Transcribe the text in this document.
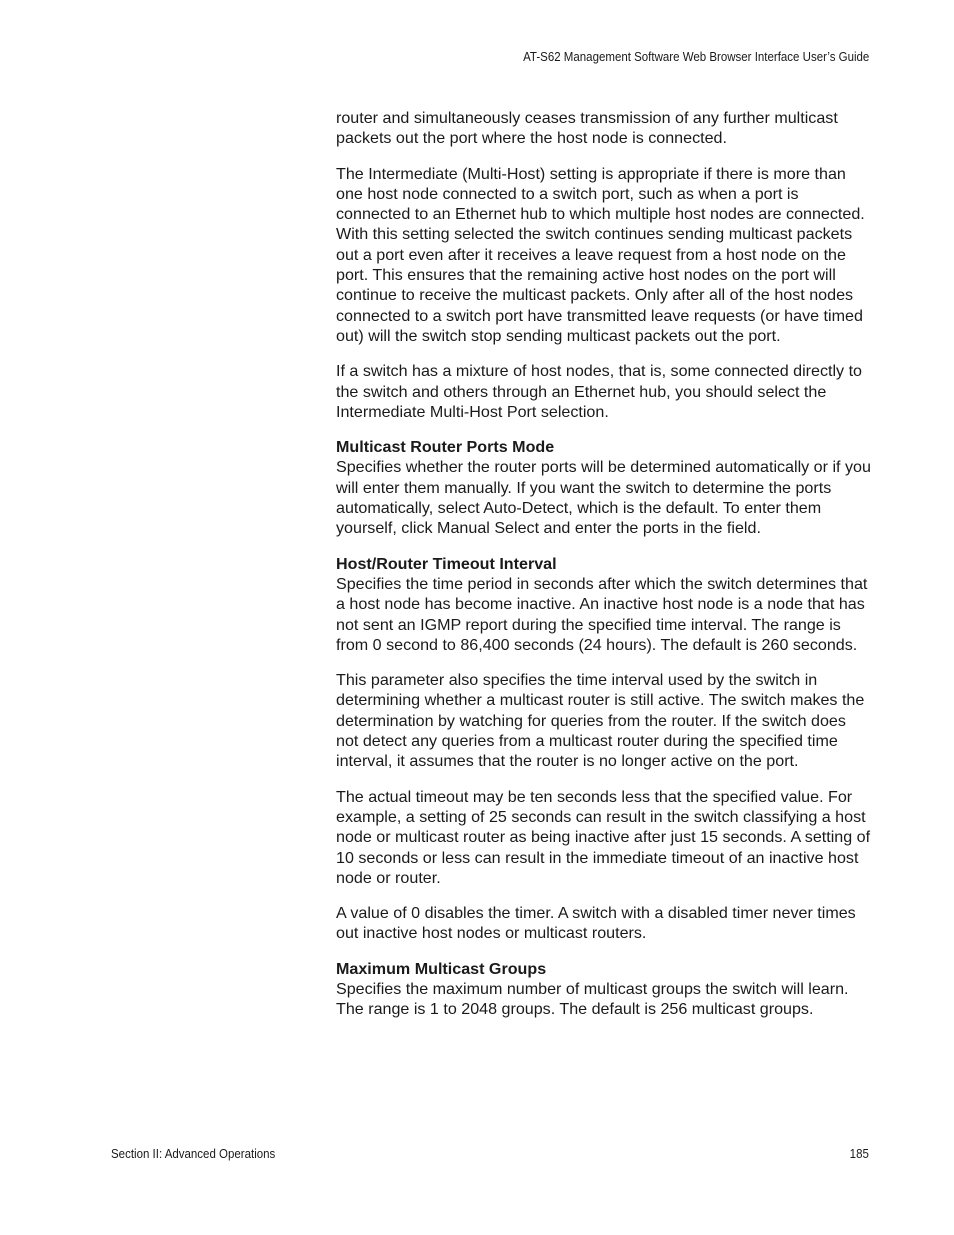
AT-S62 Management Software Web Browser Interface User’s Guide

router and simultaneously ceases transmission of any further multicast packets out the port where the host node is connected.

The Intermediate (Multi-Host) setting is appropriate if there is more than one host node connected to a switch port, such as when a port is connected to an Ethernet hub to which multiple host nodes are connected. With this setting selected the switch continues sending multicast packets out a port even after it receives a leave request from a host node on the port. This ensures that the remaining active host nodes on the port will continue to receive the multicast packets. Only after all of the host nodes connected to a switch port have transmitted leave requests (or have timed out) will the switch stop sending multicast packets out the port.

If a switch has a mixture of host nodes, that is, some connected directly to the switch and others through an Ethernet hub, you should select the Intermediate Multi-Host Port selection.

Multicast Router Ports Mode

Specifies whether the router ports will be determined automatically or if you will enter them manually. If you want the switch to determine the ports automatically, select Auto-Detect, which is the default. To enter them yourself, click Manual Select and enter the ports in the field.

Host/Router Timeout Interval

Specifies the time period in seconds after which the switch determines that a host node has become inactive. An inactive host node is a node that has not sent an IGMP report during the specified time interval. The range is from 0 second to 86,400 seconds (24 hours). The default is 260 seconds.

This parameter also specifies the time interval used by the switch in determining whether a multicast router is still active. The switch makes the determination by watching for queries from the router. If the switch does not detect any queries from a multicast router during the specified time interval, it assumes that the router is no longer active on the port.

The actual timeout may be ten seconds less that the specified value. For example, a setting of 25 seconds can result in the switch classifying a host node or multicast router as being inactive after just 15 seconds. A setting of 10 seconds or less can result in the immediate timeout of an inactive host node or router.

A value of 0 disables the timer. A switch with a disabled timer never times out inactive host nodes or multicast routers.

Maximum Multicast Groups

Specifies the maximum number of multicast groups the switch will learn. The range is 1 to 2048 groups. The default is 256 multicast groups.

Section II: Advanced Operations	185
